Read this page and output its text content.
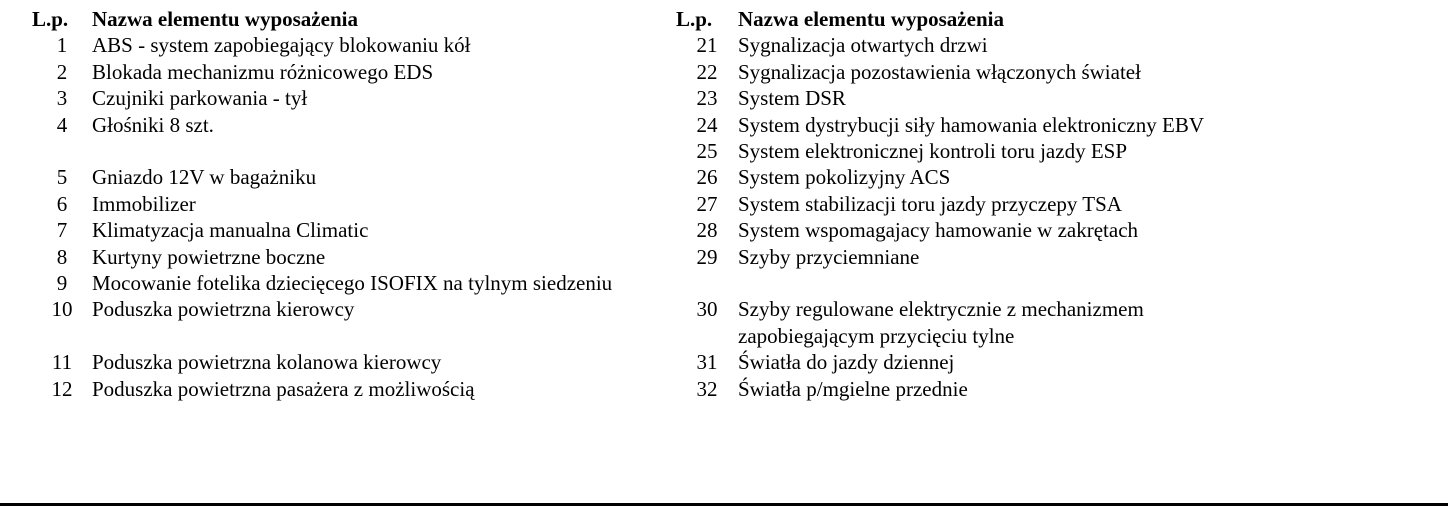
L.p.	Nazwa elementu wyposażenia
1	ABS - system zapobiegający blokowaniu kół
2	Blokada mechanizmu różnicowego EDS
3	Czujniki parkowania - tył
4	Głośniki 8 szt.
5	Gniazdo 12V w bagażniku
6	Immobilizer
7	Klimatyzacja manualna Climatic
8	Kurtyny powietrzne boczne
9	Mocowanie fotelika dziecięcego ISOFIX na tylnym siedzeniu
10	Poduszka powietrzna kierowcy
11	Poduszka powietrzna kolanowa kierowcy
12	Poduszka powietrzna pasażera z możliwością
L.p.	Nazwa elementu wyposażenia
21	Sygnalizacja otwartych drzwi
22	Sygnalizacja pozostawienia włączonych świateł
23	System DSR
24	System dystrybucji siły hamowania elektroniczny EBV
25	System elektronicznej kontroli toru jazdy ESP
26	System pokolizyjny ACS
27	System stabilizacji toru jazdy przyczepy TSA
28	System wspomagajacy hamowanie w zakrętach
29	Szyby przyciemniane
30	Szyby regulowane elektrycznie z mechanizmem zapobiegającym przycięciu tylne
31	Światła do jazdy dziennej
32	Światła p/mgielne przednie
